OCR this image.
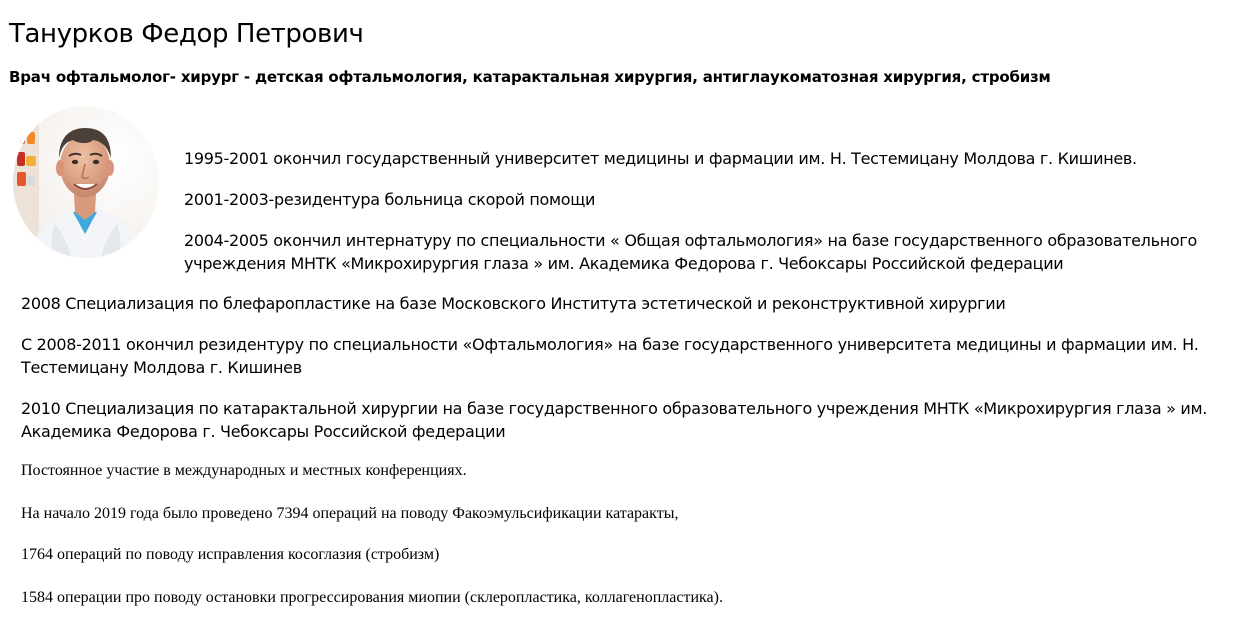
Танурков Федор Петрович

Врач офтальмолог- хирург - детская офтальмология, катарактальная хирургия, антиглаукоматозная хирургия, стробизм

1995-2001 окончил государственный университет медицины и фармации им. Н. Тестемицану Молдова г. Кишинев.

2001-2003-резидентура больница скорой помощи

2004-2005 окончил интернатуру по специальности « Общая офтальмология» на базе государственного образовательного учреждения МНТК «Микрохирургия глаза » им. Академика Федорова г. Чебоксары Российской федерации

2008 Специализация по блефаропластике на базе Московского Института эстетической и реконструктивной хирургии

С 2008-2011 окончил резидентуру по специальности «Офтальмология» на базе государственного университета медицины и фармации им. Н. Тестемицану Молдова г. Кишинев

2010 Специализация по катарактальной хирургии на базе государственного образовательного учреждения МНТК «Микрохирургия глаза » им. Академика Федорова г. Чебоксары Российской федерации

Постоянное участие в международных и местных конференциях.

На начало 2019 года было проведено 7394 операций на поводу Факоэмульсификации катаракты,

1764 операций по поводу исправления косоглазия (стробизм)

1584 операции про поводу остановки прогрессирования миопии (склеропластика, коллагенопластика).
